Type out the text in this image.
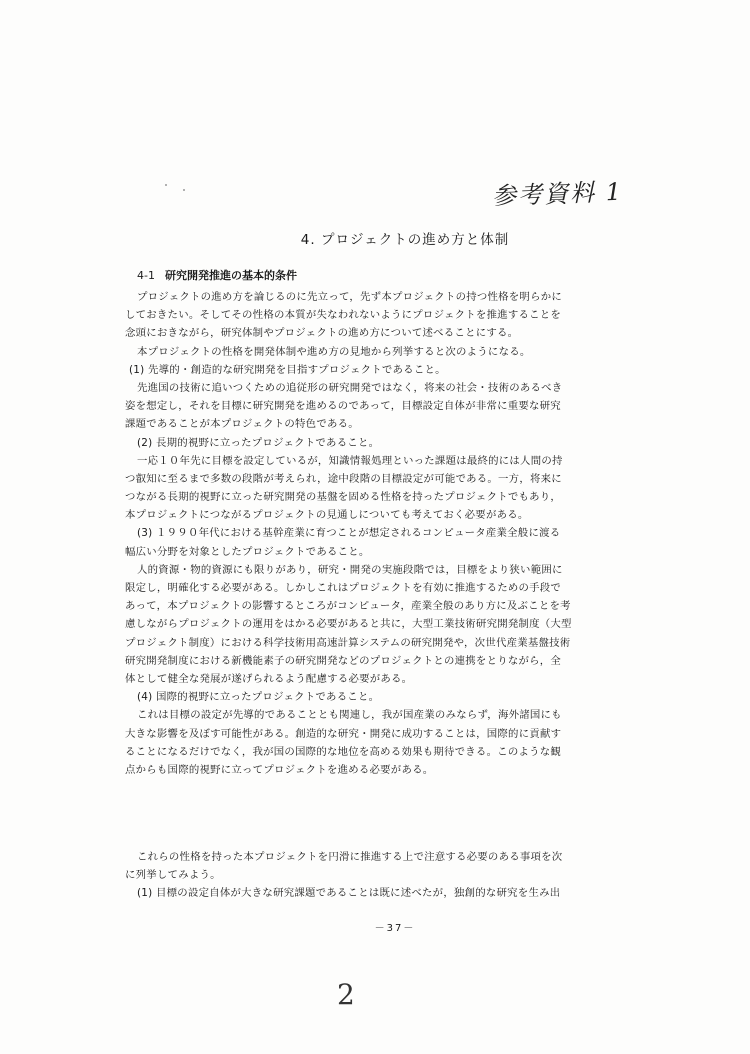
参考資料 1
4. プロジェクトの進め方と体制
4-1 研究開発推進の基本的条件
プロジェクトの進め方を論じるのに先立って，先ず本プロジェクトの持つ性格を明らかに
しておきたい。そしてその性格の本質が失なわれないようにプロジェクトを推進することを
念頭におきながら，研究体制やプロジェクトの進め方について述べることにする。
本プロジェクトの性格を開発体制や進め方の見地から列挙すると次のようになる。
(1) 先導的・創造的な研究開発を目指すプロジェクトであること。
先進国の技術に追いつくための追従形の研究開発ではなく，将来の社会・技術のあるべき
姿を想定し，それを目標に研究開発を進めるのであって，目標設定自体が非常に重要な研究
課題であることが本プロジェクトの特色である。
(2) 長期的視野に立ったプロジェクトであること。
一応１０年先に目標を設定しているが，知識情報処理といった課題は最終的には人間の持
つ叡知に至るまで多数の段階が考えられ，途中段階の目標設定が可能である。一方，将来に
つながる長期的視野に立った研究開発の基盤を固める性格を持ったプロジェクトでもあり，
本プロジェクトにつながるプロジェクトの見通しについても考えておく必要がある。
(3) １９９０年代における基幹産業に育つことが想定されるコンピュータ産業全般に渡る
幅広い分野を対象としたプロジェクトであること。
人的資源・物的資源にも限りがあり，研究・開発の実施段階では，目標をより狭い範囲に
限定し，明確化する必要がある。しかしこれはプロジェクトを有効に推進するための手段で
あって，本プロジェクトの影響するところがコンピュータ，産業全般のあり方に及ぶことを考
慮しながらプロジェクトの運用をはかる必要があると共に，大型工業技術研究開発制度（大型
プロジェクト制度）における科学技術用高速計算システムの研究開発や，次世代産業基盤技術
研究開発制度における新機能素子の研究開発などのプロジェクトとの連携をとりながら，全
体として健全な発展が遂げられるよう配慮する必要がある。
(4) 国際的視野に立ったプロジェクトであること。
これは目標の設定が先導的であることとも関連し，我が国産業のみならず，海外諸国にも
大きな影響を及ぼす可能性がある。創造的な研究・開発に成功することは，国際的に貢献す
ることになるだけでなく，我が国の国際的な地位を高める効果も期待できる。このような観
点からも国際的視野に立ってプロジェクトを進める必要がある。
これらの性格を持った本プロジェクトを円滑に推進する上で注意する必要のある事項を次
に列挙してみよう。
(1) 目標の設定自体が大きな研究課題であることは既に述べたが，独創的な研究を生み出
－37－
2
